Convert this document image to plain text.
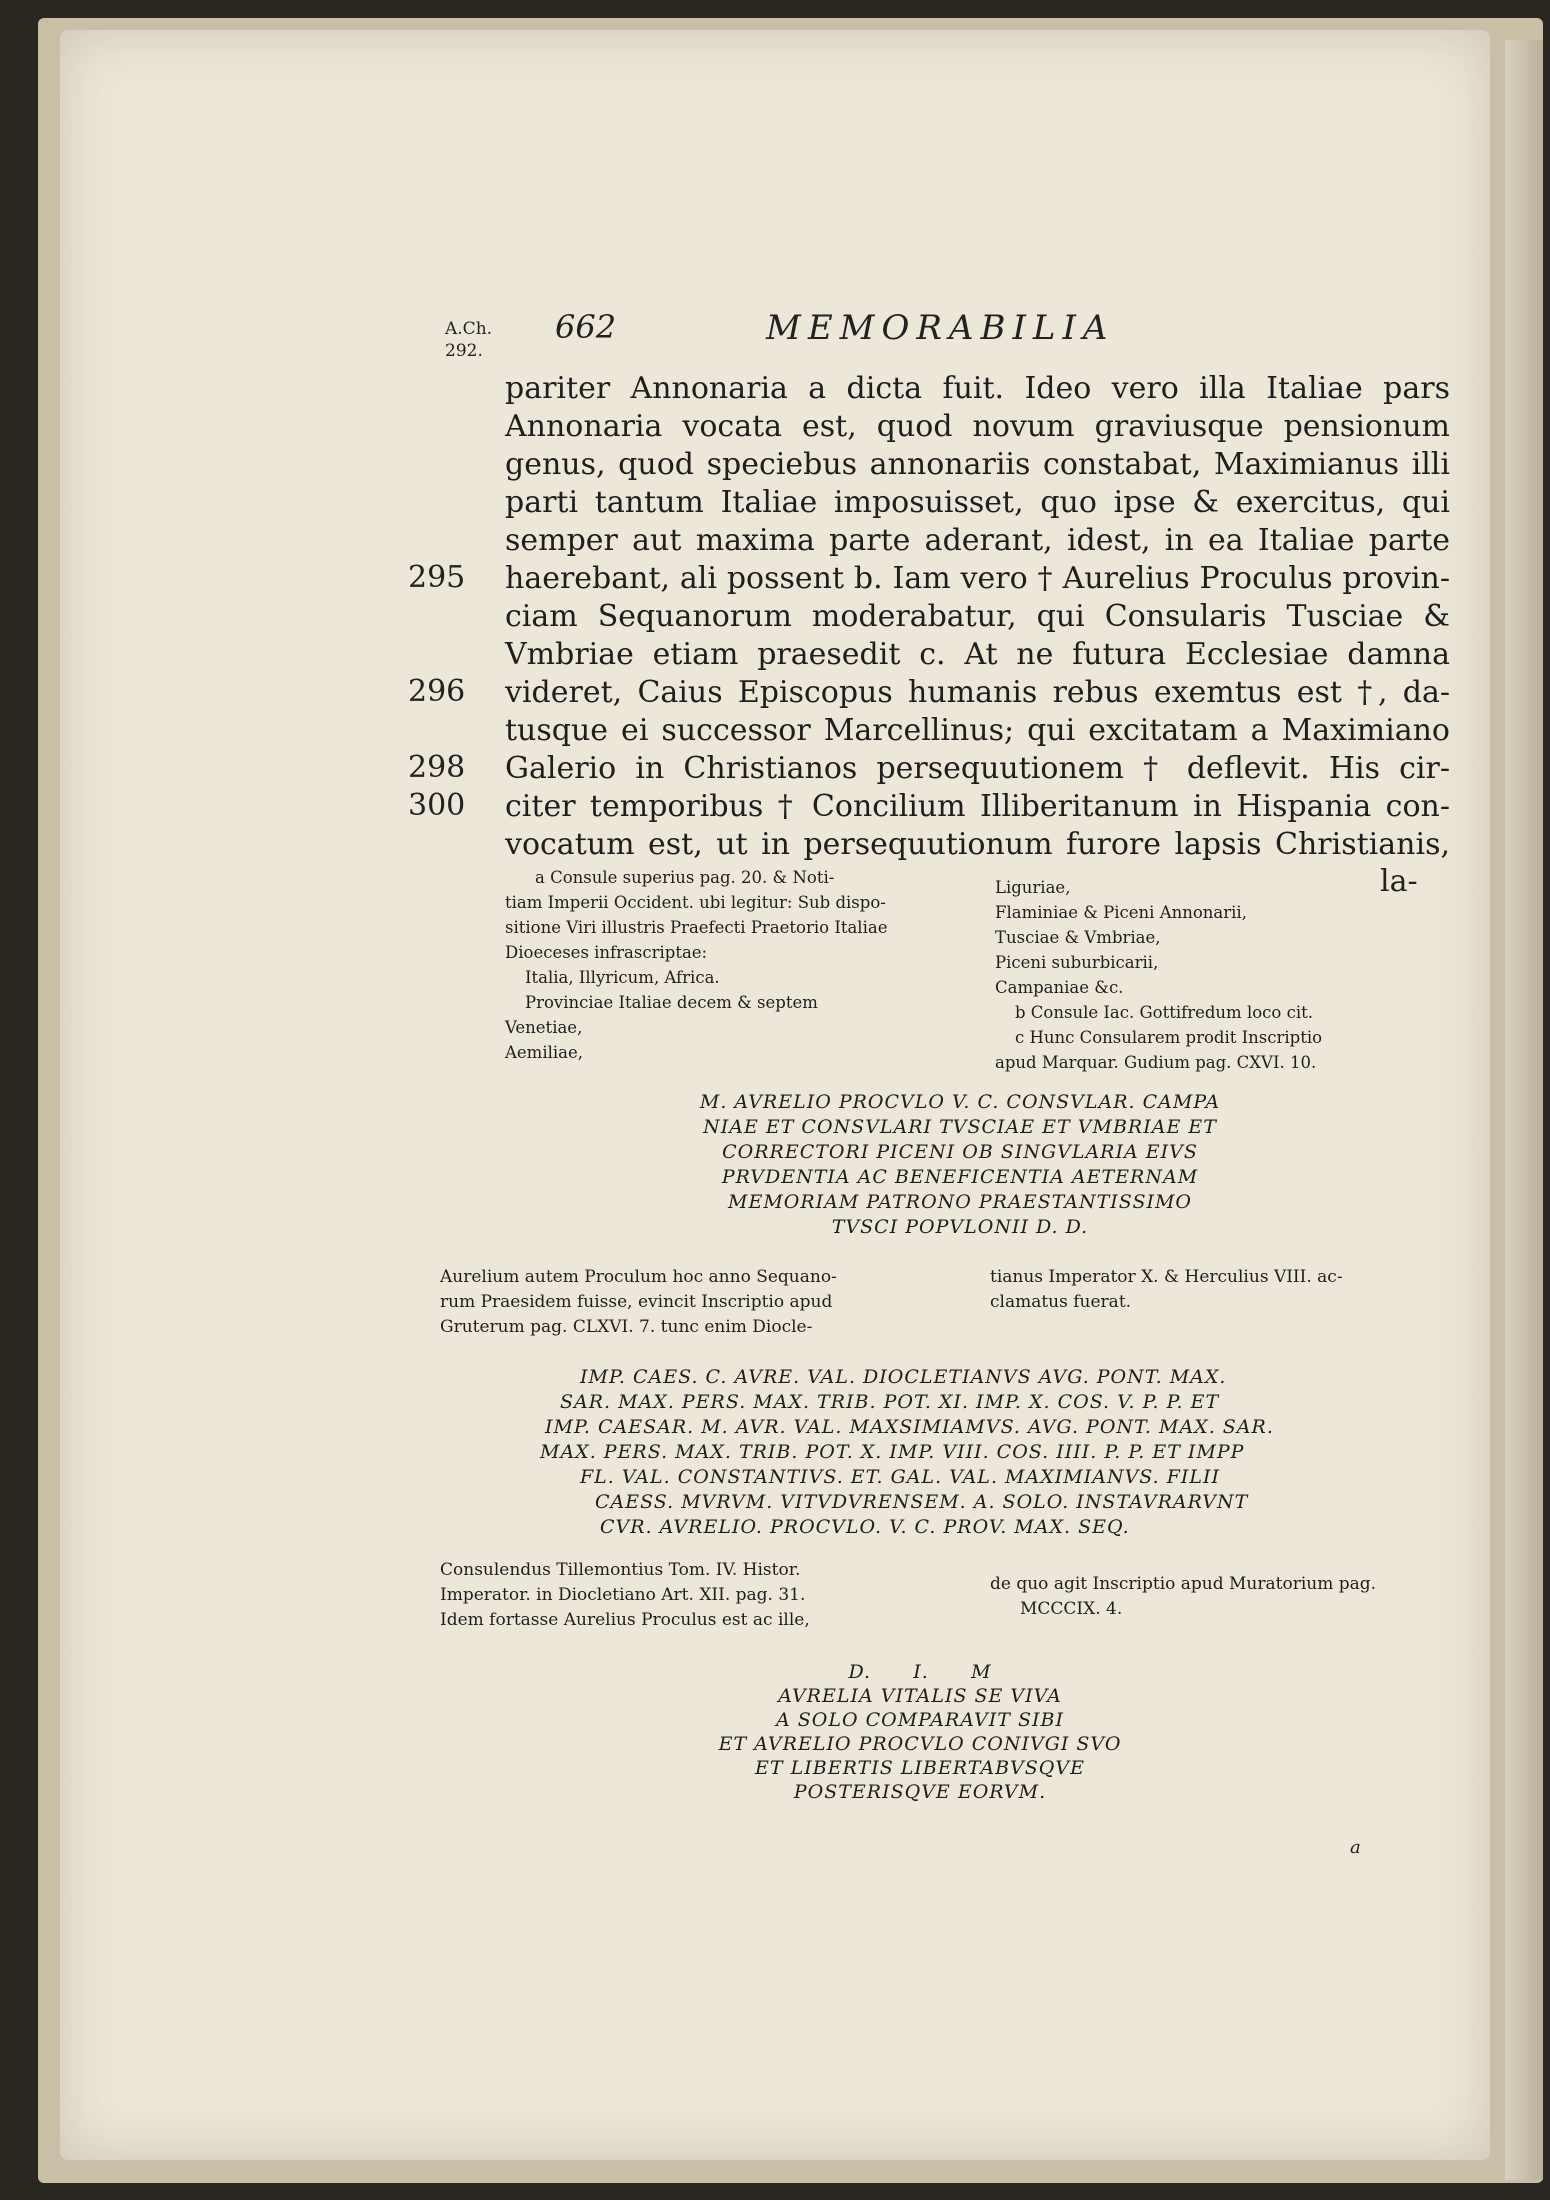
A.Ch.
292.
662	MEMORABILIA
295
296
298
300
pariter Annonaria a dicta fuit. Ideo vero illa Italiae pars
Annonaria vocata est, quod novum graviusque pensionum
genus, quod speciebus annonariis constabat, Maximianus illi
parti tantum Italiae imposuisset, quo ipse & exercitus, qui
semper aut maxima parte aderant, idest, in ea Italiae parte
haerebant, ali possent b. Iam vero † Aurelius Proculus provin-
ciam Sequanorum moderabatur, qui Consularis Tusciae &
Vmbriae etiam praesedit c. At ne futura Ecclesiae damna
videret, Caius Episcopus humanis rebus exemtus est †, da-
tusque ei successor Marcellinus; qui excitatam a Maximiano
Galerio in Christianos persequutionem † deflevit. His cir-
citer temporibus † Concilium Illiberitanum in Hispania con-
vocatum est, ut in persequutionum furore lapsis Christianis,
la-

a Consule superius pag. 20. & Noti-

tiam Imperii Occident. ubi legitur: Sub dispo-

sitione Viri illustris Praefecti Praetorio Italiae

Dioeceses infrascriptae:

Italia, Illyricum, Africa.

Provinciae Italiae decem & septem

Venetiae,

Aemiliae,

Liguriae,

Flaminiae & Piceni Annonarii,

Tusciae & Vmbriae,

Piceni suburbicarii,

Campaniae &c.

b Consule Iac. Gottifredum loco cit.

c Hunc Consularem prodit Inscriptio

apud Marquar. Gudium pag. CXVI. 10.

M. AVRELIO PROCVLO V. C. CONSVLAR. CAMPA
NIAE ET CONSVLARI TVSCIAE ET VMBRIAE ET
CORRECTORI PICENI OB SINGVLARIA EIVS
PRVDENTIA AC BENEFICENTIA AETERNAM
MEMORIAM PATRONO PRAESTANTISSIMO
TVSCI POPVLONII D. D.

Aurelium autem Proculum hoc anno Sequano-

rum Praesidem fuisse, evincit Inscriptio apud

Gruterum pag. CLXVI. 7. tunc enim Diocle-

tianus Imperator X. & Herculius VIII. ac-

clamatus fuerat.

IMP. CAES. C. AVRE. VAL. DIOCLETIANVS AVG. PONT. MAX.
SAR. MAX. PERS. MAX. TRIB. POT. XI. IMP. X. COS. V. P. P. ET
IMP. CAESAR. M. AVR. VAL. MAXSIMIAMVS. AVG. PONT. MAX. SAR.
MAX. PERS. MAX. TRIB. POT. X. IMP. VIII. COS. IIII. P. P. ET IMPP
FL. VAL. CONSTANTIVS. ET. GAL. VAL. MAXIMIANVS. FILII
CAESS. MVRVM. VITVDVRENSEM. A. SOLO. INSTAVRARVNT
CVR. AVRELIO. PROCVLO. V. C. PROV. MAX. SEQ.

Consulendus Tillemontius Tom. IV. Histor.

Imperator. in Diocletiano Art. XII. pag. 31.

Idem fortasse Aurelius Proculus est ac ille,

de quo agit Inscriptio apud Muratorium pag.

MCCCIX. 4.

D.      I.      M
AVRELIA VITALIS SE VIVA
A SOLO COMPARAVIT SIBI
ET AVRELIO PROCVLO CONIVGI SVO
ET LIBERTIS LIBERTABVSQVE
POSTERISQVE EORVM.
a
